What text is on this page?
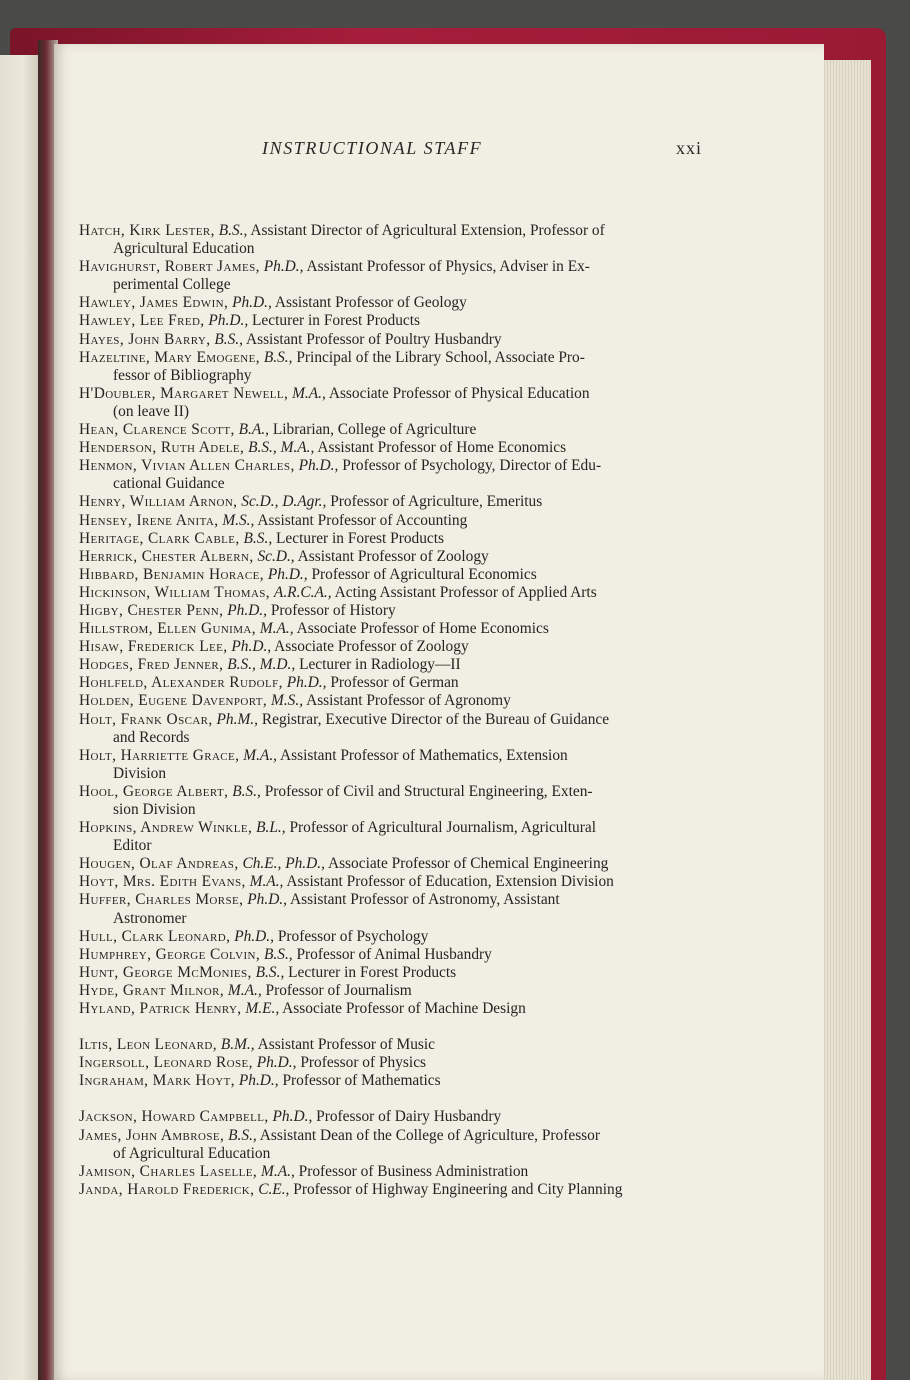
INSTRUCTIONAL STAFF	xxi
Hatch, Kirk Lester, B.S., Assistant Director of Agricultural Extension, Professor of
Agricultural Education
Havighurst, Robert James, Ph.D., Assistant Professor of Physics, Adviser in Ex-
perimental College
Hawley, James Edwin, Ph.D., Assistant Professor of Geology
Hawley, Lee Fred, Ph.D., Lecturer in Forest Products
Hayes, John Barry, B.S., Assistant Professor of Poultry Husbandry
Hazeltine, Mary Emogene, B.S., Principal of the Library School, Associate Pro-
fessor of Bibliography
H'Doubler, Margaret Newell, M.A., Associate Professor of Physical Education
(on leave II)
Hean, Clarence Scott, B.A., Librarian, College of Agriculture
Henderson, Ruth Adele, B.S., M.A., Assistant Professor of Home Economics
Henmon, Vivian Allen Charles, Ph.D., Professor of Psychology, Director of Edu-
cational Guidance
Henry, William Arnon, Sc.D., D.Agr., Professor of Agriculture, Emeritus
Hensey, Irene Anita, M.S., Assistant Professor of Accounting
Heritage, Clark Cable, B.S., Lecturer in Forest Products
Herrick, Chester Albern, Sc.D., Assistant Professor of Zoology
Hibbard, Benjamin Horace, Ph.D., Professor of Agricultural Economics
Hickinson, William Thomas, A.R.C.A., Acting Assistant Professor of Applied Arts
Higby, Chester Penn, Ph.D., Professor of History
Hillstrom, Ellen Gunima, M.A., Associate Professor of Home Economics
Hisaw, Frederick Lee, Ph.D., Associate Professor of Zoology
Hodges, Fred Jenner, B.S., M.D., Lecturer in Radiology—II
Hohlfeld, Alexander Rudolf, Ph.D., Professor of German
Holden, Eugene Davenport, M.S., Assistant Professor of Agronomy
Holt, Frank Oscar, Ph.M., Registrar, Executive Director of the Bureau of Guidance
and Records
Holt, Harriette Grace, M.A., Assistant Professor of Mathematics, Extension
Division
Hool, George Albert, B.S., Professor of Civil and Structural Engineering, Exten-
sion Division
Hopkins, Andrew Winkle, B.L., Professor of Agricultural Journalism, Agricultural
Editor
Hougen, Olaf Andreas, Ch.E., Ph.D., Associate Professor of Chemical Engineering
Hoyt, Mrs. Edith Evans, M.A., Assistant Professor of Education, Extension Division
Huffer, Charles Morse, Ph.D., Assistant Professor of Astronomy, Assistant
Astronomer
Hull, Clark Leonard, Ph.D., Professor of Psychology
Humphrey, George Colvin, B.S., Professor of Animal Husbandry
Hunt, George McMonies, B.S., Lecturer in Forest Products
Hyde, Grant Milnor, M.A., Professor of Journalism
Hyland, Patrick Henry, M.E., Associate Professor of Machine Design
Iltis, Leon Leonard, B.M., Assistant Professor of Music
Ingersoll, Leonard Rose, Ph.D., Professor of Physics
Ingraham, Mark Hoyt, Ph.D., Professor of Mathematics
Jackson, Howard Campbell, Ph.D., Professor of Dairy Husbandry
James, John Ambrose, B.S., Assistant Dean of the College of Agriculture, Professor
of Agricultural Education
Jamison, Charles Laselle, M.A., Professor of Business Administration
Janda, Harold Frederick, C.E., Professor of Highway Engineering and City Planning
